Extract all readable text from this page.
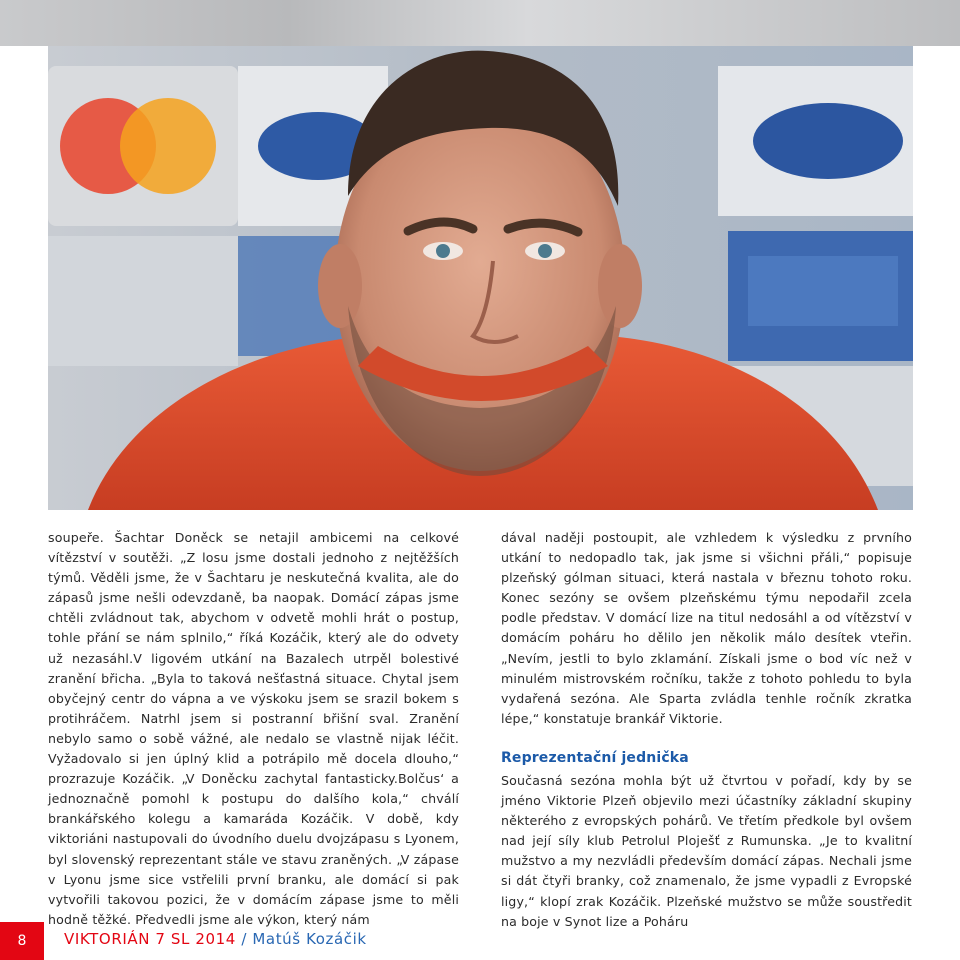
soupeře. Šachtar Doněck se netajil ambicemi na celkové vítězství v soutěži. „Z losu jsme dostali jednoho z nejtěžších týmů. Věděli jsme, že v Šachtaru je neskutečná kvalita, ale do zápasů jsme nešli odevzdaně, ba naopak. Domácí zápas jsme chtěli zvládnout tak, abychom v odvetě mohli hrát o postup, tohle přání se nám splnilo,“ říká Kozáčik, který ale do odvety už nezasáhl.V ligovém utkání na Bazalech utrpěl bolestivé zranění břicha. „Byla to taková nešťastná situace. Chytal jsem obyčejný centr do vápna a ve výskoku jsem se srazil bokem s protihráčem. Natrhl jsem si postranní břišní sval. Zranění nebylo samo o sobě vážné, ale nedalo se vlastně nijak léčit. Vyžadovalo si jen úplný klid a potrápilo mě docela dlouho,“ prozrazuje Kozáčik. „V Doněcku zachytal fantasticky.Bolčus‘ a jednoznačně pomohl k postupu do dalšího kola,“ chválí brankářského kolegu a kamaráda Kozáčik. V době, kdy viktoriáni nastupovali do úvodního duelu dvojzápasu s Lyonem, byl slovenský reprezentant stále ve stavu zraněných. „V zápase v Lyonu jsme sice vstřelili první branku, ale domácí si pak vytvořili takovou pozici, že v domácím zápase jsme to měli hodně těžké. Předvedli jsme ale výkon, který nám

dával naději postoupit, ale vzhledem k výsledku z prvního utkání to nedopadlo tak, jak jsme si všichni přáli,“ popisuje plzeňský gólman situaci, která nastala v březnu tohoto roku. Konec sezóny se ovšem plzeňskému týmu nepodařil zcela podle představ. V domácí lize na titul nedosáhl a od vítězství v domácím poháru ho dělilo jen několik málo desítek vteřin. „Nevím, jestli to bylo zklamání. Získali jsme o bod víc než v minulém mistrovském ročníku, takže z tohoto pohledu to byla vydařená sezóna. Ale Sparta zvládla tenhle ročník zkratka lépe,“ konstatuje brankář Viktorie.

Reprezentační jednička

Současná sezóna mohla být už čtvrtou v pořadí, kdy by se jméno Viktorie Plzeň objevilo mezi účastníky základní skupiny některého z evropských pohárů. Ve třetím předkole byl ovšem nad její síly klub Petrolul Ploješť z Rumunska. „Je to kvalitní mužstvo a my nezvládli především domácí zápas. Nechali jsme si dát čtyři branky, což znamenalo, že jsme vypadli z Evropské ligy,“ klopí zrak Kozáčik. Plzeňské mužstvo se může soustředit na boje v Synot lize a Poháru

8	VIKTORIÁN 7 SL 2014 / Matúš Kozáčik
